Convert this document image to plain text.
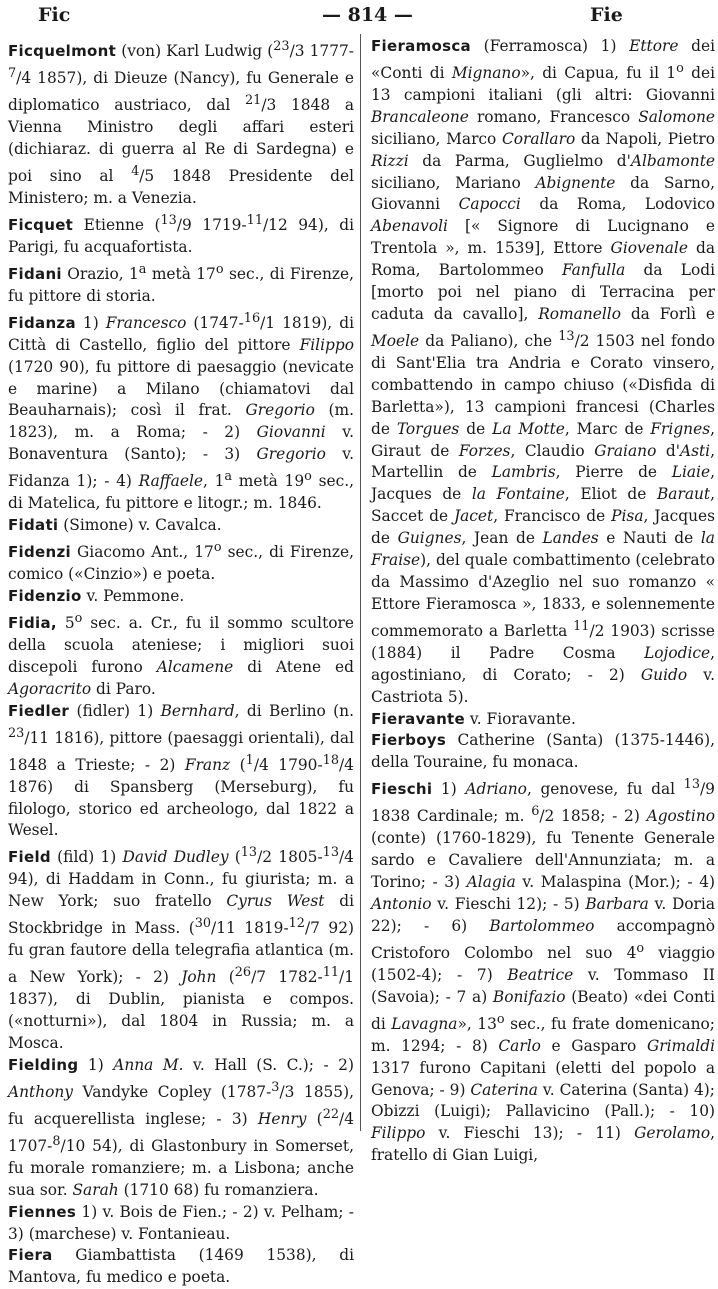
Fic	— 814 —	Fie

Ficquelmont (von) Karl Ludwig ($^{23}$/3 1777-$^7$/4 1857), di Dieuze (Nancy), fu Generale e diplomatico austriaco, dal $^{21}$/3 1848 a Vienna Ministro degli affari esteri (dichiaraz. di guerra al Re di Sardegna) e poi sino al $^4$/5 1848 Presidente del Ministero; m. a Venezia.

Ficquet Etienne ($^{13}$/9 1719-$^{11}$/12 94), di Parigi, fu acquafortista.

Fidani Orazio, 1$^a$ metà 17$^o$ sec., di Firenze, fu pittore di storia.

Fidanza 1) Francesco (1747-$^{16}$/1 1819), di Città di Castello, figlio del pittore Filippo (1720 90), fu pittore di paesaggio (nevicate e marine) a Milano (chiamatovi dal Beauharnais); così il frat. Gregorio (m. 1823), m. a Roma; - 2) Giovanni v. Bonaventura (Santo); - 3) Gregorio v. Fidanza 1); - 4) Raffaele, 1$^a$ metà 19$^o$ sec., di Matelica, fu pittore e litogr.; m. 1846.

Fidati (Simone) v. Cavalca.

Fidenzi Giacomo Ant., 17$^o$ sec., di Firenze, comico («Cinzio») e poeta.

Fidenzio v. Pemmone.

Fidia, 5$^o$ sec. a. Cr., fu il sommo scultore della scuola ateniese; i migliori suoi discepoli furono Alcamene di Atene ed Agoracrito di Paro.

Fiedler (fidler) 1) Bernhard, di Berlino (n. $^{23}$/11 1816), pittore (paesaggi orientali), dal 1848 a Trieste; - 2) Franz ($^1$/4 1790-$^{18}$/4 1876) di Spansberg (Merseburg), fu filologo, storico ed archeologo, dal 1822 a Wesel.

Field (fild) 1) David Dudley ($^{13}$/2 1805-$^{13}$/4 94), di Haddam in Conn., fu giurista; m. a New York; suo fratello Cyrus West di Stockbridge in Mass. ($^{30}$/11 1819-$^{12}$/7 92) fu gran fautore della telegrafia atlantica (m. a New York); - 2) John ($^{26}$/7 1782-$^{11}$/1 1837), di Dublin, pianista e compos. («notturni»), dal 1804 in Russia; m. a Mosca.

Fielding 1) Anna M. v. Hall (S. C.); - 2) Anthony Vandyke Copley (1787-$^3$/3 1855), fu acquerellista inglese; - 3) Henry ($^{22}$/4 1707-$^8$/10 54), di Glastonbury in Somerset, fu morale romanziere; m. a Lisbona; anche sua sor. Sarah (1710 68) fu romanziera.

Fiennes 1) v. Bois de Fien.; - 2) v. Pelham; - 3) (marchese) v. Fontanieau.

Fiera Giambattista (1469 1538), di Mantova, fu medico e poeta.

Fieramosca (Ferramosca) 1) Ettore dei «Conti di Mignano», di Capua, fu il 1$^o$ dei 13 campioni italiani (gli altri: Giovanni Brancaleone romano, Francesco Salomone siciliano, Marco Corallaro da Napoli, Pietro Rizzi da Parma, Guglielmo d'Albamonte siciliano, Mariano Abignente da Sarno, Giovanni Capocci da Roma, Lodovico Abenavoli [« Signore di Lucignano e Trentola », m. 1539], Ettore Giovenale da Roma, Bartolommeo Fanfulla da Lodi [morto poi nel piano di Terracina per caduta da cavallo], Romanello da Forlì e Moele da Paliano), che $^{13}$/2 1503 nel fondo di Sant'Elia tra Andria e Corato vinsero, combattendo in campo chiuso («Disfida di Barletta»), 13 campioni francesi (Charles de Torgues de La Motte, Marc de Frignes, Giraut de Forzes, Claudio Graiano d'Asti, Martellin de Lambris, Pierre de Liaie, Jacques de la Fontaine, Eliot de Baraut, Saccet de Jacet, Francisco de Pisa, Jacques de Guignes, Jean de Landes e Nauti de la Fraise), del quale combattimento (celebrato da Massimo d'Azeglio nel suo romanzo « Ettore Fieramosca », 1833, e solennemente commemorato a Barletta $^{11}$/2 1903) scrisse (1884) il Padre Cosma Lojodice, agostiniano, di Corato; - 2) Guido v. Castriota 5).

Fieravante v. Fioravante.

Fierboys Catherine (Santa) (1375-1446), della Touraine, fu monaca.

Fieschi 1) Adriano, genovese, fu dal $^{13}$/9 1838 Cardinale; m. $^6$/2 1858; - 2) Agostino (conte) (1760-1829), fu Tenente Generale sardo e Cavaliere dell'Annunziata; m. a Torino; - 3) Alagia v. Malaspina (Mor.); - 4) Antonio v. Fieschi 12); - 5) Barbara v. Doria 22); - 6) Bartolommeo accompagnò Cristoforo Colombo nel suo 4$^o$ viaggio (1502-4); - 7) Beatrice v. Tommaso II (Savoia); - 7 a) Bonifazio (Beato) «dei Conti di Lavagna», 13$^o$ sec., fu frate domenicano; m. 1294; - 8) Carlo e Gasparo Grimaldi 1317 furono Capitani (eletti del popolo a Genova; - 9) Caterina v. Caterina (Santa) 4); Obizzi (Luigi); Pallavicino (Pall.); - 10) Filippo v. Fieschi 13); - 11) Gerolamo, fratello di Gian Luigi,
